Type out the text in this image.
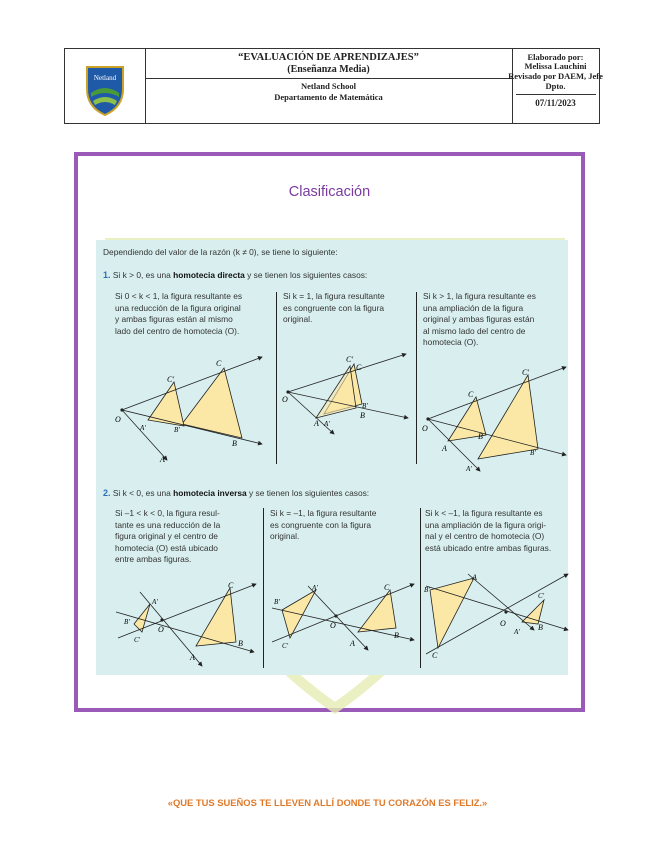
Netland
“EVALUACIÓN DE APRENDIZAJES”
(Enseñanza Media)
Netland School
Departamento de Matemática
Elaborado por:
Melissa Lauchini
Revisado por DAEM, Jefe Dpto.
07/11/2023
Clasificación
Dependiendo del valor de la razón (k ≠ 0), se tiene lo siguiente:
1. Si k > 0, es una homotecia directa y se tienen los siguientes casos:
Si 0 < k < 1, la figura resultante es
una reducción de la figura original
y ambas figuras están al mismo
lado del centro de homotecia (O).
Si k = 1, la figura resultante
es congruente con la figura
original.
Si k > 1, la figura resultante es
una ampliación de la figura
original y ambas figuras están
al mismo lado del centro de
homotecia (O).
O
C
C'
A'	B'
A
B
O
C'
C
B'
B
A A'	O
C'
C
A
B
B'
A'
2. Si k < 0, es una homotecia inversa y se tienen los siguientes casos:
Si –1 < k < 0, la figura resul-
tante es una reducción de la
figura original y el centro de
homotecia (O) está ubicado
entre ambas figuras.
Si k = –1, la figura resultante
es congruente con la figura
original.
Si k < –1, la figura resultante es
una ampliación de la figura origi-
nal y el centro de homotecia (O)
está ubicado entre ambas figuras.
O
A'
B'
C'
C
B
A
O
A'
B'
C'
C
B
A
O
A
B'
C
C'
B
A'
«QUE TUS SUEÑOS TE LLEVEN ALLÍ DONDE TU CORAZÓN ES FELIZ.»
